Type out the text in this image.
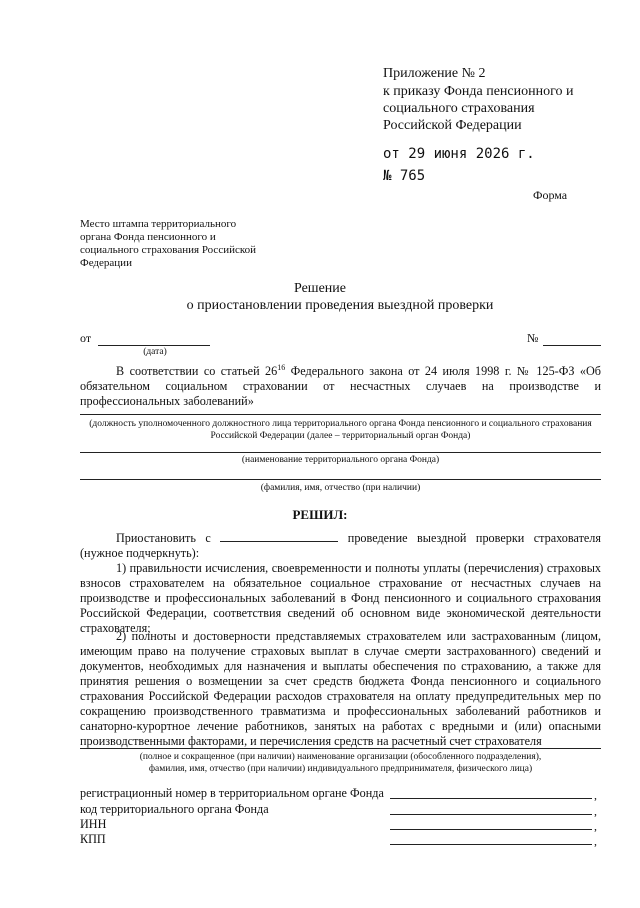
Приложение № 2
к приказу Фонда пенсионного и
социального страхования
Российской Федерации
от 29 июня 2026 г.
№ 765
Форма
Место штампа территориального
органа Фонда пенсионного и
социального страхования Российской
Федерации
Решение
о приостановлении проведения выездной проверки
от
(дата)
№

В соответствии со статьей $26^{16}$ Федерального закона от 24 июля 1998 г. № 125-ФЗ «Об обязательном социальном страховании от несчастных случаев на производстве и профессиональных заболеваний»

(должность уполномоченного должностного лица территориального органа Фонда пенсионного и социального страхования Российской Федерации (далее – территориальный орган Фонда)
(наименование территориального органа Фонда)
(фамилия, имя, отчество (при наличии)
РЕШИЛ:

Приостановить с	проведение выездной проверки страхователя (нужное подчеркнуть):

1) правильности исчисления, своевременности и полноты уплаты (перечисления) страховых взносов страхователем на обязательное социальное страхование от несчастных случаев на производстве и профессиональных заболеваний в Фонд пенсионного и социального страхования Российской Федерации, соответствия сведений об основном виде экономической деятельности страхователя;

2) полноты и достоверности представляемых страхователем или застрахованным (лицом, имеющим право на получение страховых выплат в случае смерти застрахованного) сведений и документов, необходимых для назначения и выплаты обеспечения по страхованию, а также для принятия решения о возмещении за счет средств бюджета Фонда пенсионного и социального страхования Российской Федерации расходов страхователя на оплату предупредительных мер по сокращению производственного травматизма и профессиональных заболеваний работников и санаторно-курортное лечение работников, занятых на работах с вредными и (или) опасными производственными факторами, и перечисления средств на расчетный счет страхователя

(полное и сокращенное (при наличии) наименование организации (обособленного подразделения),
фамилия, имя, отчество (при наличии) индивидуального предпринимателя, физического лица)
регистрационный номер в территориальном органе Фонда	,
код территориального органа Фонда	,
ИНН	,
КПП	,
